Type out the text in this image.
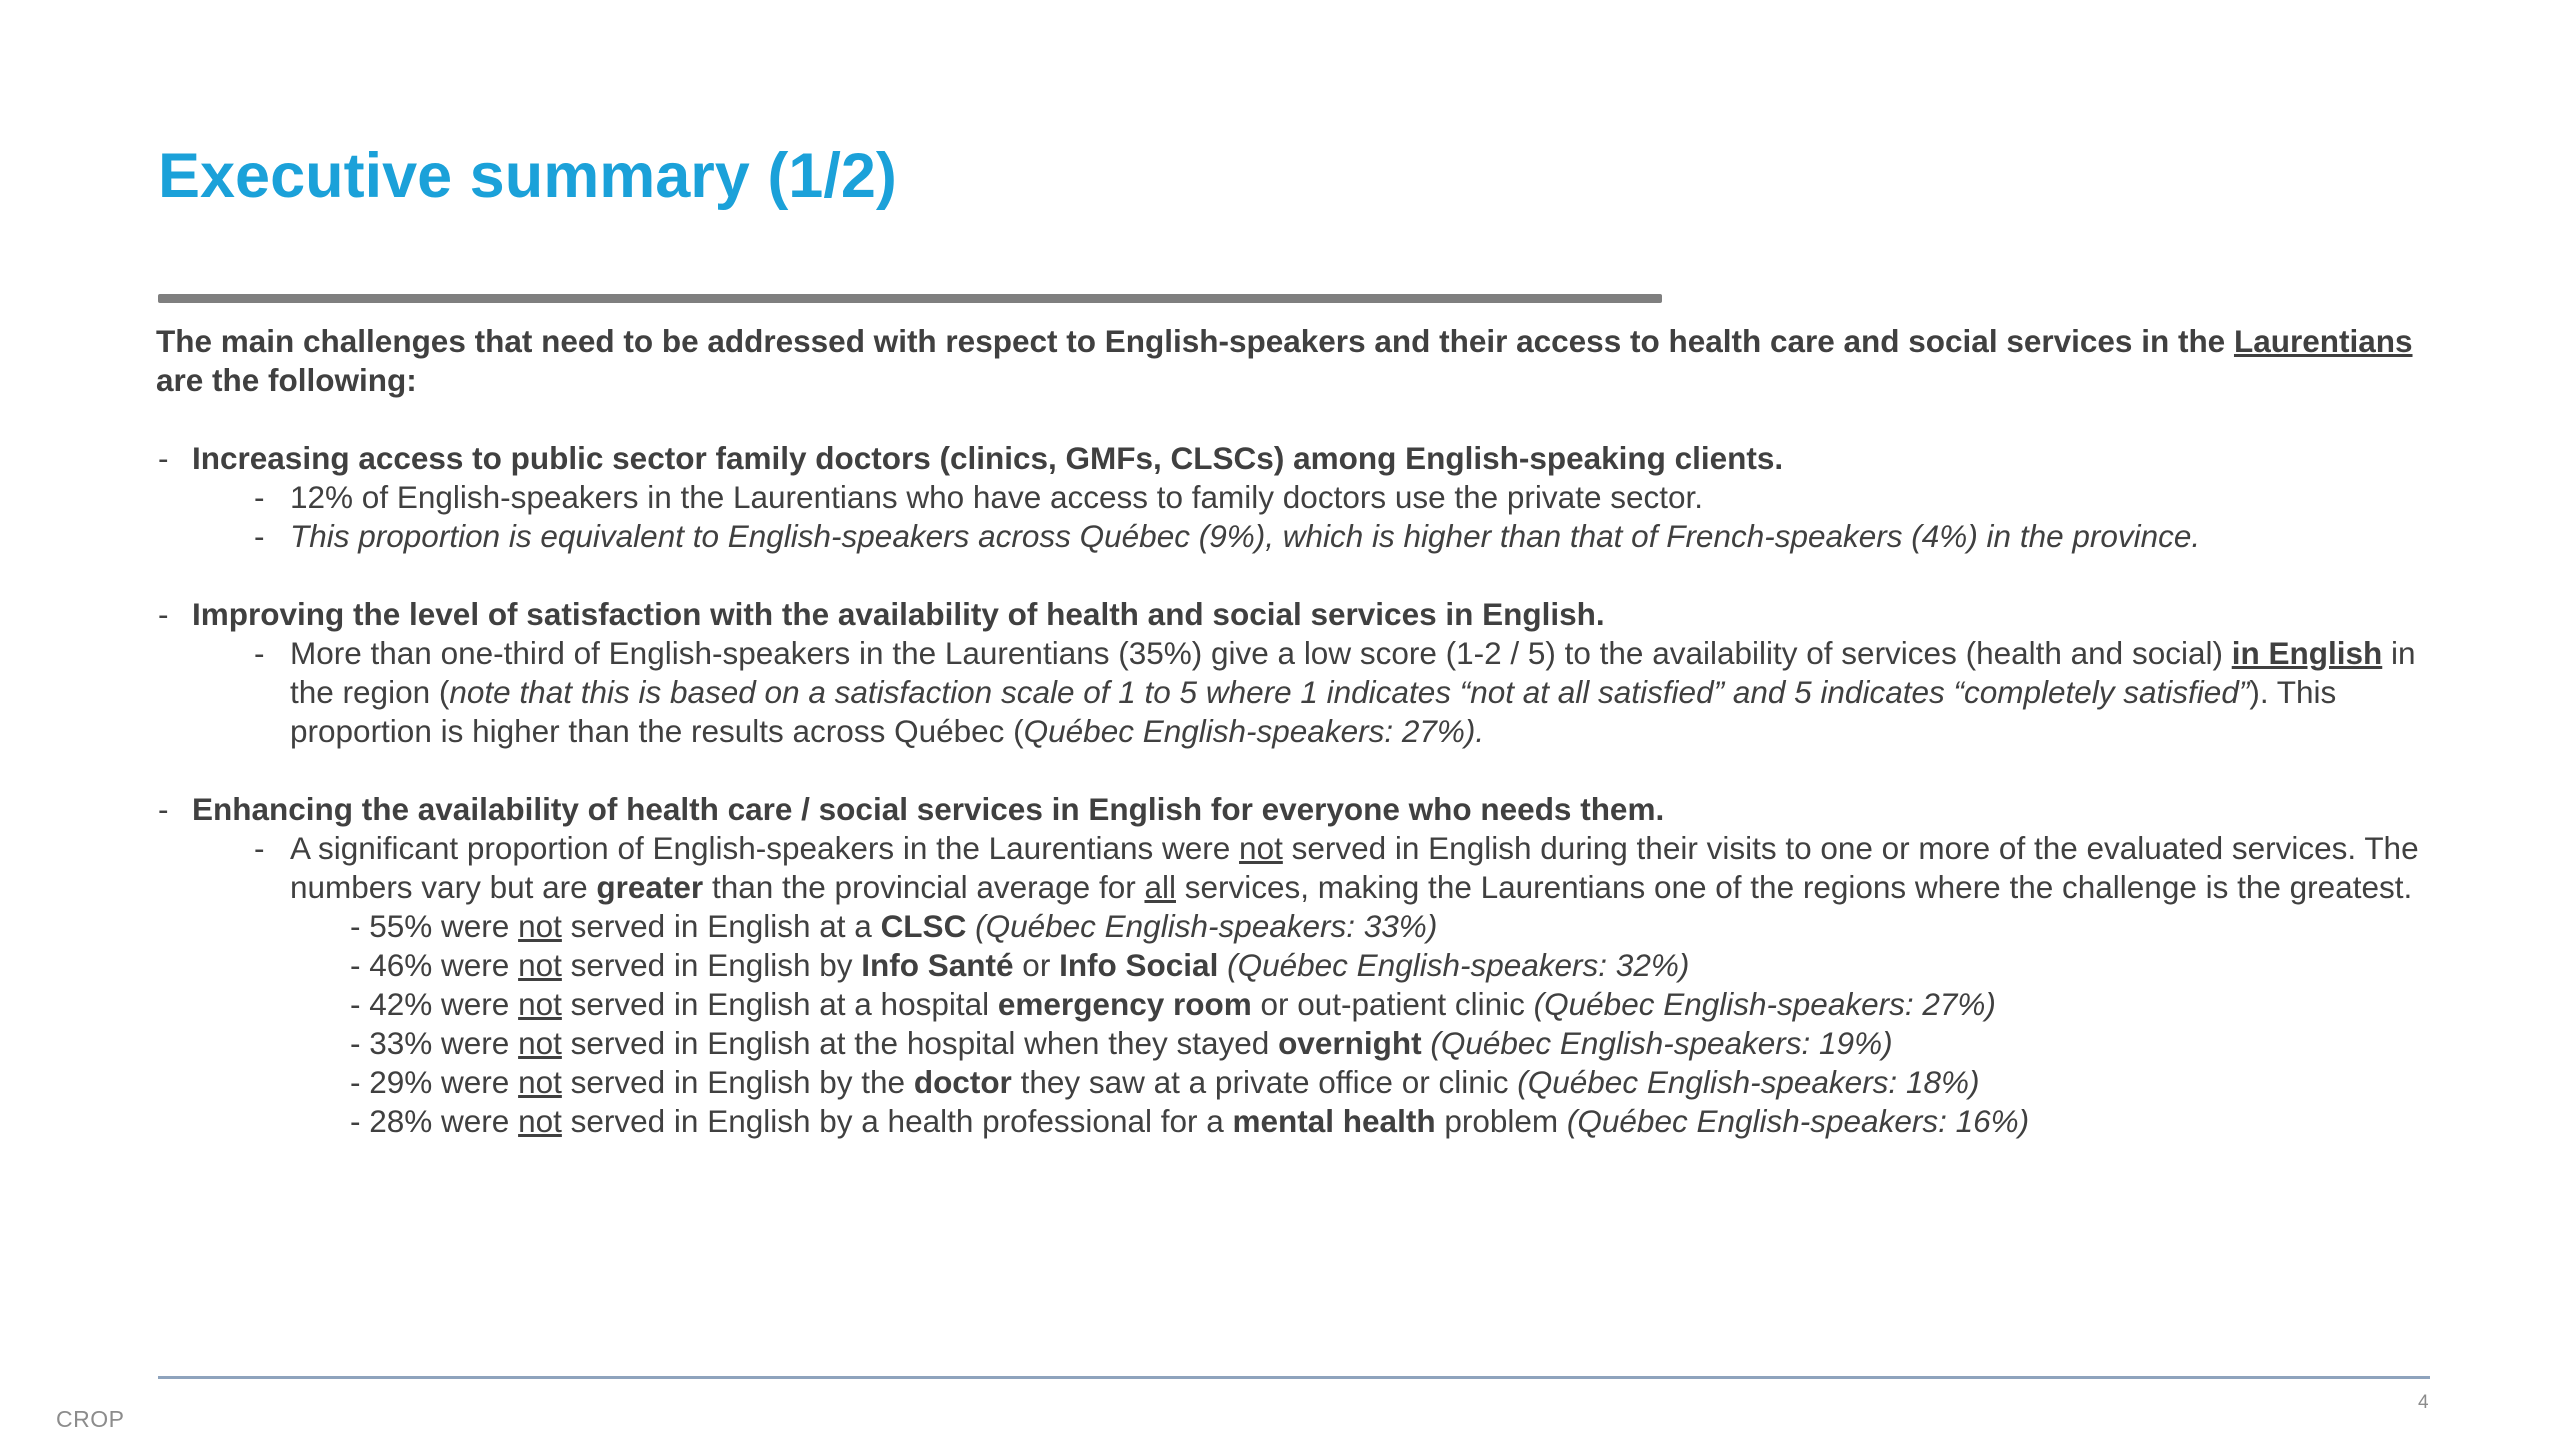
Executive summary (1/2)

The main challenges that need to be addressed with respect to English-speakers and their access to health care and social services in the Laurentians are the following:

- Increasing access to public sector family doctors (clinics, GMFs, CLSCs) among English-speaking clients.

- 12% of English-speakers in the Laurentians who have access to family doctors use the private sector.

- This proportion is equivalent to English-speakers across Québec (9%), which is higher than that of French-speakers (4%) in the province.

- Improving the level of satisfaction with the availability of health and social services in English.

- More than one-third of English-speakers in the Laurentians (35%) give a low score (1-2 / 5) to the availability of services (health and social) in English in the region (note that this is based on a satisfaction scale of 1 to 5 where 1 indicates “not at all satisfied” and 5 indicates “completely satisfied”). This proportion is higher than the results across Québec (Québec English-speakers: 27%).

- Enhancing the availability of health care / social services in English for everyone who needs them.

- A significant proportion of English-speakers in the Laurentians were not served in English during their visits to one or more of the evaluated services. The numbers vary but are greater than the provincial average for all services, making the Laurentians one of the regions where the challenge is the greatest.

- 55% were not served in English at a CLSC (Québec English-speakers: 33%)

- 46% were not served in English by Info Santé or Info Social (Québec English-speakers: 32%)

- 42% were not served in English at a hospital emergency room or out-patient clinic (Québec English-speakers: 27%)

- 33% were not served in English at the hospital when they stayed overnight (Québec English-speakers: 19%)

- 29% were not served in English by the doctor they saw at a private office or clinic (Québec English-speakers: 18%)

- 28% were not served in English by a health professional for a mental health problem (Québec English-speakers: 16%)

CROP
4
